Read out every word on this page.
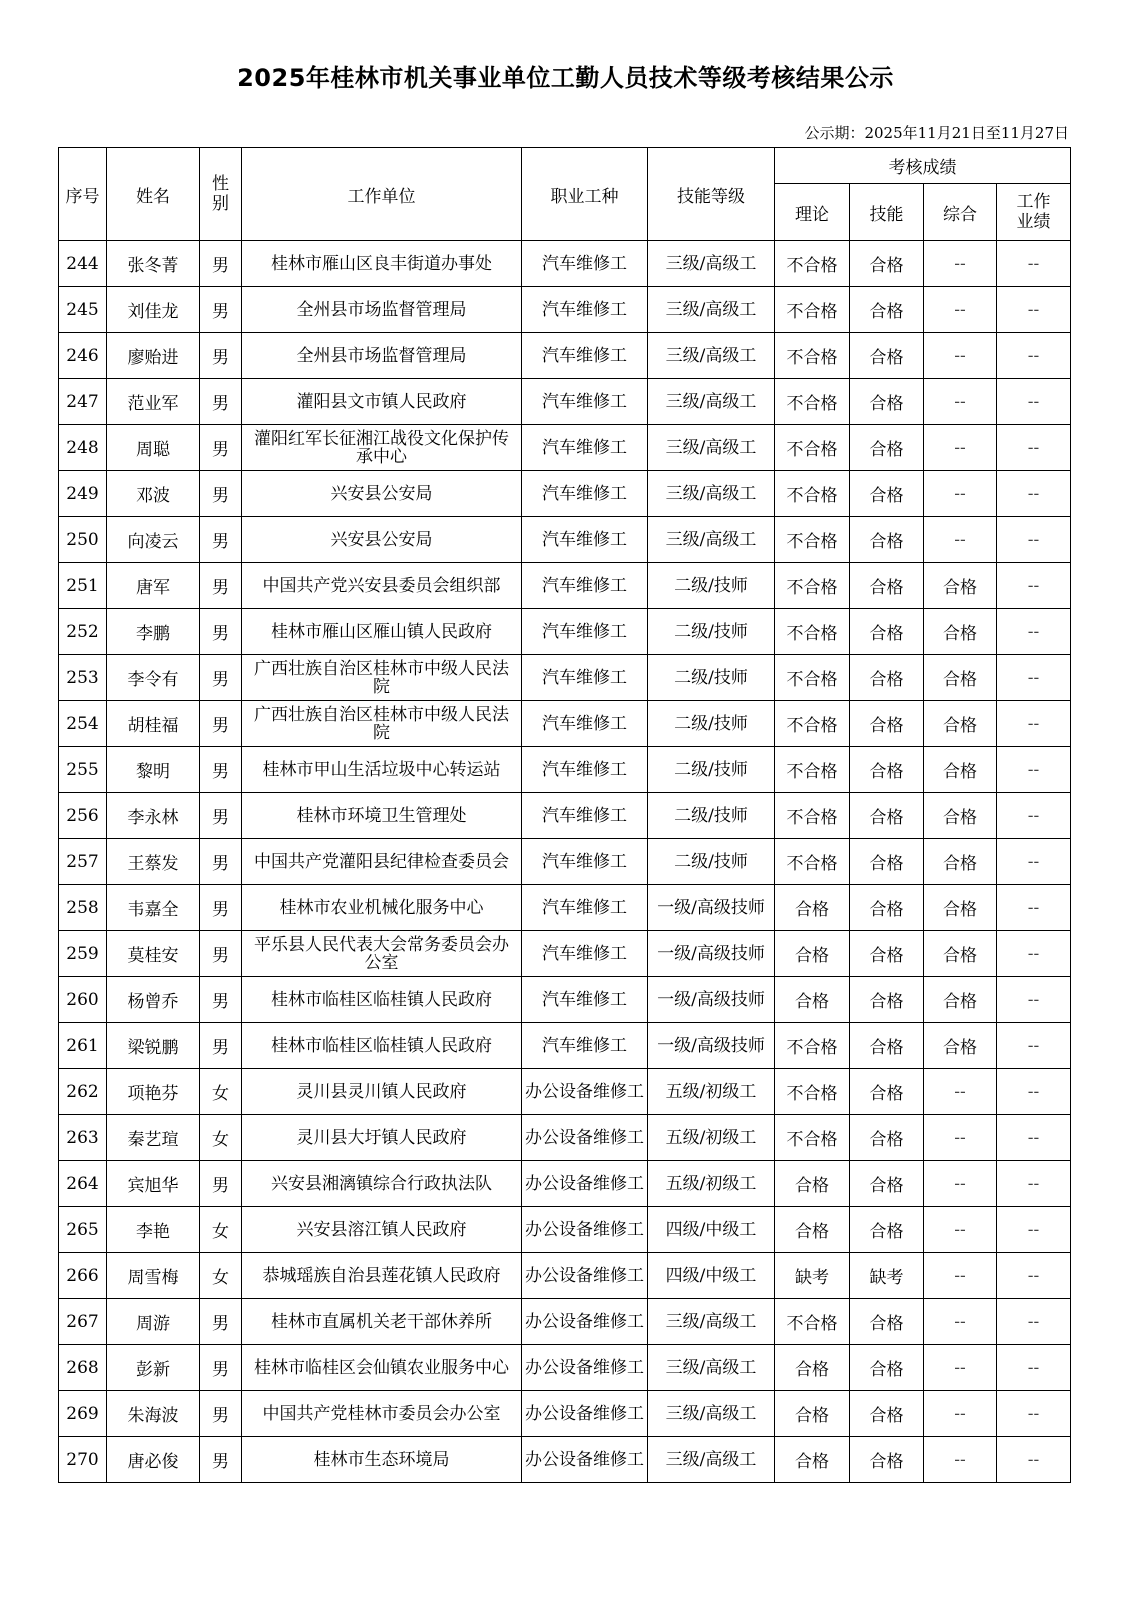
2025年桂林市机关事业单位工勤人员技术等级考核结果公示
公示期：2025年11月21日至11月27日
序号	姓名	性别	工作单位	职业工种	技能等级	考核成绩			
						理论	技能	综合	工作业绩
244	张冬菁	男	桂林市雁山区良丰街道办事处	汽车维修工	三级/高级工	不合格	合格	--	--
245	刘佳龙	男	全州县市场监督管理局	汽车维修工	三级/高级工	不合格	合格	--	--
246	廖贻进	男	全州县市场监督管理局	汽车维修工	三级/高级工	不合格	合格	--	--
247	范业军	男	灌阳县文市镇人民政府	汽车维修工	三级/高级工	不合格	合格	--	--
248	周聪	男	灌阳红军长征湘江战役文化保护传承中心	汽车维修工	三级/高级工	不合格	合格	--	--
249	邓波	男	兴安县公安局	汽车维修工	三级/高级工	不合格	合格	--	--
250	向凌云	男	兴安县公安局	汽车维修工	三级/高级工	不合格	合格	--	--
251	唐军	男	中国共产党兴安县委员会组织部	汽车维修工	二级/技师	不合格	合格	合格	--
252	李鹏	男	桂林市雁山区雁山镇人民政府	汽车维修工	二级/技师	不合格	合格	合格	--
253	李令有	男	广西壮族自治区桂林市中级人民法院	汽车维修工	二级/技师	不合格	合格	合格	--
254	胡桂福	男	广西壮族自治区桂林市中级人民法院	汽车维修工	二级/技师	不合格	合格	合格	--
255	黎明	男	桂林市甲山生活垃圾中心转运站	汽车维修工	二级/技师	不合格	合格	合格	--
256	李永林	男	桂林市环境卫生管理处	汽车维修工	二级/技师	不合格	合格	合格	--
257	王蔡发	男	中国共产党灌阳县纪律检查委员会	汽车维修工	二级/技师	不合格	合格	合格	--
258	韦嘉全	男	桂林市农业机械化服务中心	汽车维修工	一级/高级技师	合格	合格	合格	--
259	莫桂安	男	平乐县人民代表大会常务委员会办公室	汽车维修工	一级/高级技师	合格	合格	合格	--
260	杨曾乔	男	桂林市临桂区临桂镇人民政府	汽车维修工	一级/高级技师	合格	合格	合格	--
261	梁锐鹏	男	桂林市临桂区临桂镇人民政府	汽车维修工	一级/高级技师	不合格	合格	合格	--
262	项艳芬	女	灵川县灵川镇人民政府	办公设备维修工	五级/初级工	不合格	合格	--	--
263	秦艺瑄	女	灵川县大圩镇人民政府	办公设备维修工	五级/初级工	不合格	合格	--	--
264	宾旭华	男	兴安县湘漓镇综合行政执法队	办公设备维修工	五级/初级工	合格	合格	--	--
265	李艳	女	兴安县溶江镇人民政府	办公设备维修工	四级/中级工	合格	合格	--	--
266	周雪梅	女	恭城瑶族自治县莲花镇人民政府	办公设备维修工	四级/中级工	缺考	缺考	--	--
267	周游	男	桂林市直属机关老干部休养所	办公设备维修工	三级/高级工	不合格	合格	--	--
268	彭新	男	桂林市临桂区会仙镇农业服务中心	办公设备维修工	三级/高级工	合格	合格	--	--
269	朱海波	男	中国共产党桂林市委员会办公室	办公设备维修工	三级/高级工	合格	合格	--	--
270	唐必俊	男	桂林市生态环境局	办公设备维修工	三级/高级工	合格	合格	--	--
